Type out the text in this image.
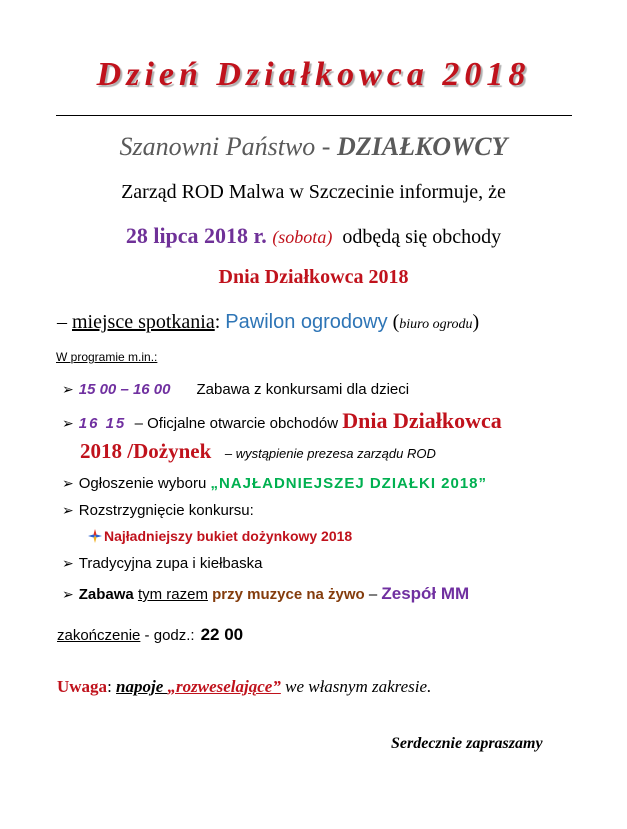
Dzień Działkowca 2018
Szanowni Państwo - DZIAŁKOWCY
Zarząd ROD Malwa w Szczecinie informuje, że
28 lipca 2018 r. (sobota)  odbędą się obchody
Dnia Działkowca 2018
– miejsce spotkania: Pawilon ogrodowy (biuro ogrodu)
W programie m.in.:
➢ 15 00 – 16 00 Zabawa z konkursami dla dzieci
➢ 16 15  – Oficjalne otwarcie obchodów Dnia Działkowca
2018 /Dożynek – wystąpienie prezesa zarządu ROD
➢ Ogłoszenie wyboru „NAJŁADNIEJSZEJ DZIAŁKI 2018”
➢ Rozstrzygnięcie konkursu:
Najładniejszy bukiet dożynkowy 2018
➢ Tradycyjna zupa i kiełbaska
➢ Zabawa tym razem przy muzyce na żywo – Zespół MM
zakończenie - godz.: 22 00
Uwaga: napoje „rozweselające” we własnym zakresie.
Serdecznie zapraszamy
